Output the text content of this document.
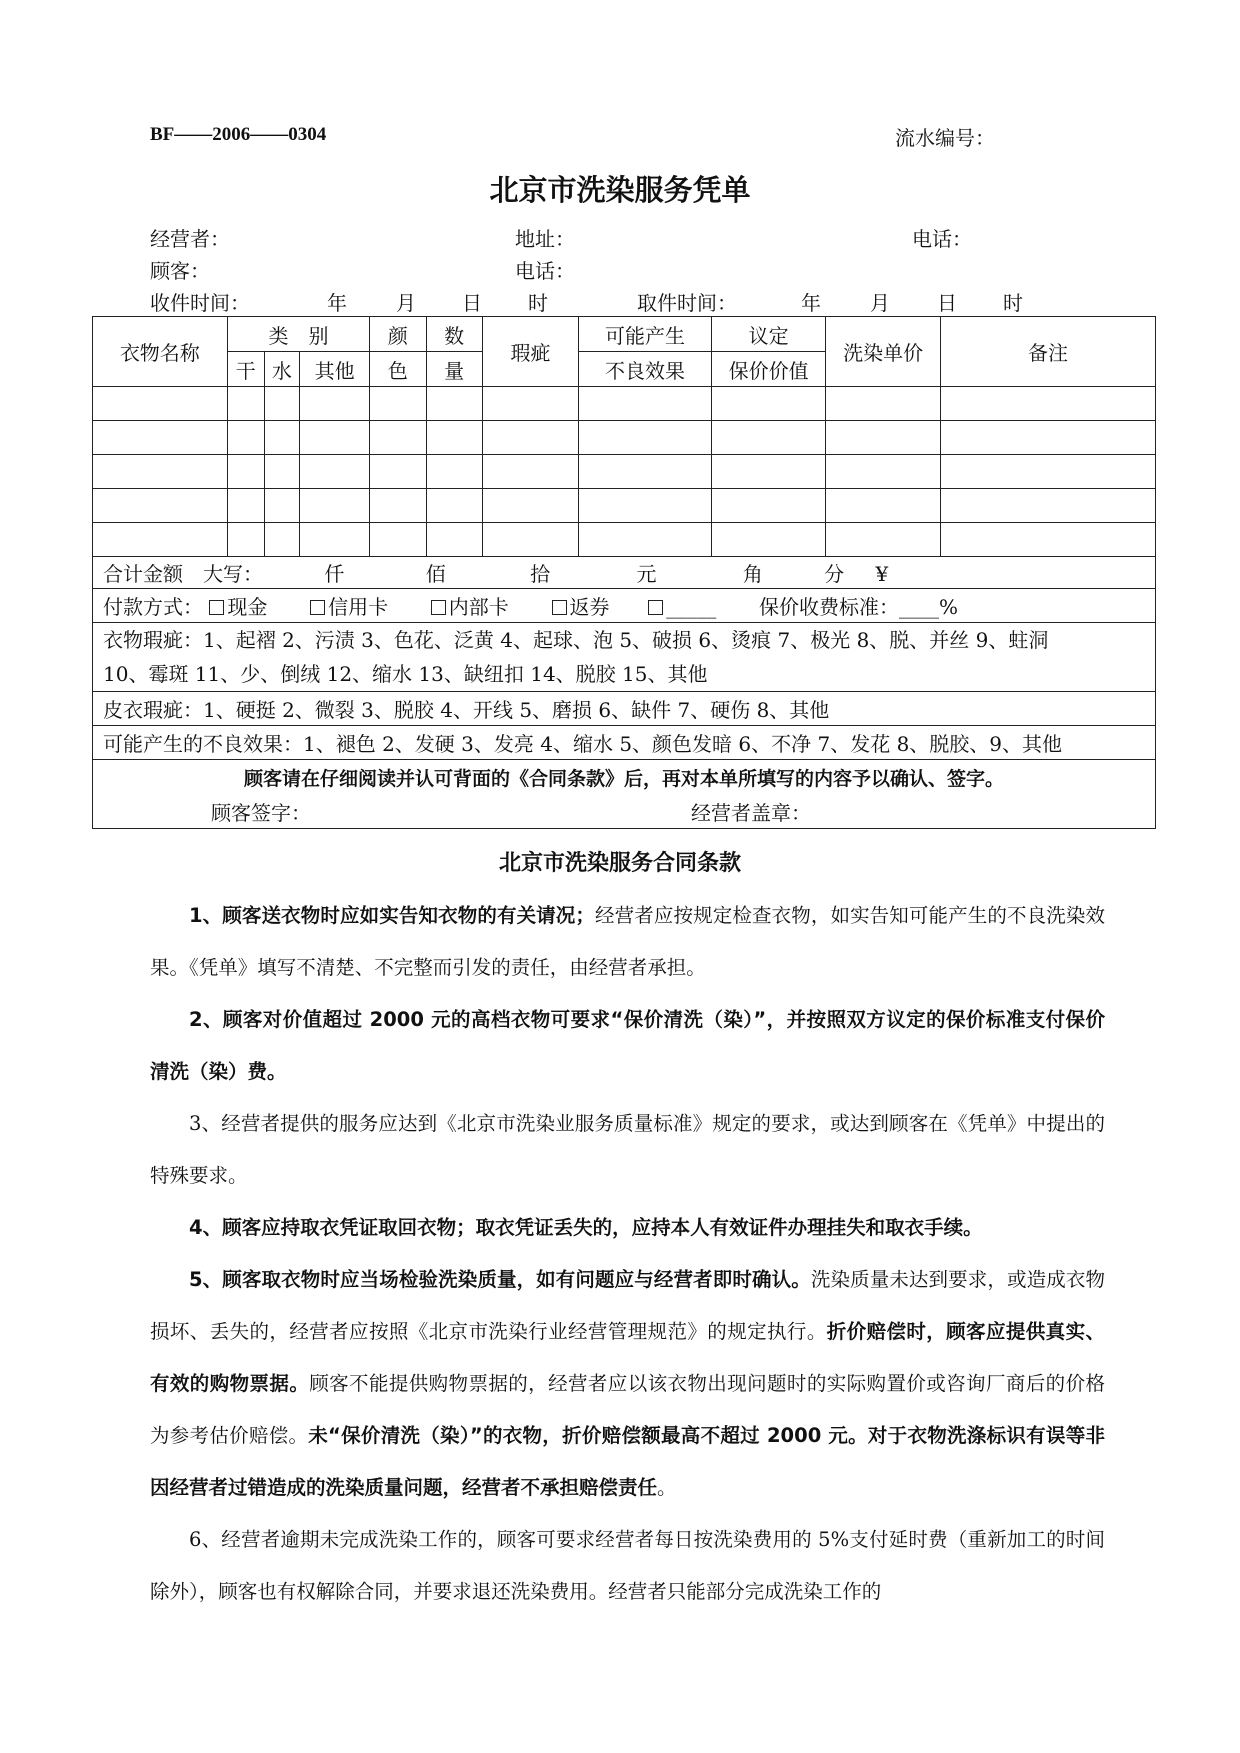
BF——2006——0304	流水编号：
北京市洗染服务凭单
经营者：	地址：	电话：
顾客：	电话：
收件时间：	年 月 日 时	取件时间：	年 月 日 时
衣物名称	类　别			颜	数	瑕疵	可能产生	议定	洗染单价	备注
	干	水	其他	色	量		不良效果	保价价值		

合计金额　大写： 仟 佰 拾 元 角 分 ¥										
付款方式： 现金 信用卡 内部卡 返券 _____ 保价收费标准：____%										

衣物瑕疵：1、起褶 2、污渍 3、色花、泛黄 4、起球、泡 5、破损 6、烫痕 7、极光 8、脱、并丝 9、蛀洞
10、霉斑 11、少、倒绒 12、缩水 13、缺纽扣 14、脱胶 15、其他										

皮衣瑕疵：1、硬挺 2、微裂 3、脱胶 4、开线 5、磨损 6、缺件 7、硬伤 8、其他										
可能产生的不良效果：1、褪色 2、发硬 3、发亮 4、缩水 5、颜色发暗 6、不净 7、发花 8、脱胶、9、其他										

顾客请在仔细阅读并认可背面的《合同条款》后，再对本单所填写的内容予以确认、签字。
顾客签字： 经营者盖章：										
北京市洗染服务合同条款

1、顾客送衣物时应如实告知衣物的有关请况；经营者应按规定检查衣物，如实告知可能产生的不良洗染效果。《凭单》填写不清楚、不完整而引发的责任，由经营者承担。

2、顾客对价值超过 2000 元的高档衣物可要求“保价清洗（染）”，并按照双方议定的保价标准支付保价清洗（染）费。

3、经营者提供的服务应达到《北京市洗染业服务质量标准》规定的要求，或达到顾客在《凭单》中提出的特殊要求。

4、顾客应持取衣凭证取回衣物；取衣凭证丢失的，应持本人有效证件办理挂失和取衣手续。

5、顾客取衣物时应当场检验洗染质量，如有问题应与经营者即时确认。洗染质量未达到要求，或造成衣物损坏、丢失的，经营者应按照《北京市洗染行业经营管理规范》的规定执行。折价赔偿时，顾客应提供真实、有效的购物票据。顾客不能提供购物票据的，经营者应以该衣物出现问题时的实际购置价或咨询厂商后的价格为参考估价赔偿。未“保价清洗（染）”的衣物，折价赔偿额最高不超过 2000 元。对于衣物洗涤标识有误等非因经营者过错造成的洗染质量问题，经营者不承担赔偿责任。

6、经营者逾期未完成洗染工作的，顾客可要求经营者每日按洗染费用的 5%支付延时费（重新加工的时间除外），顾客也有权解除合同，并要求退还洗染费用。经营者只能部分完成洗染工作的
